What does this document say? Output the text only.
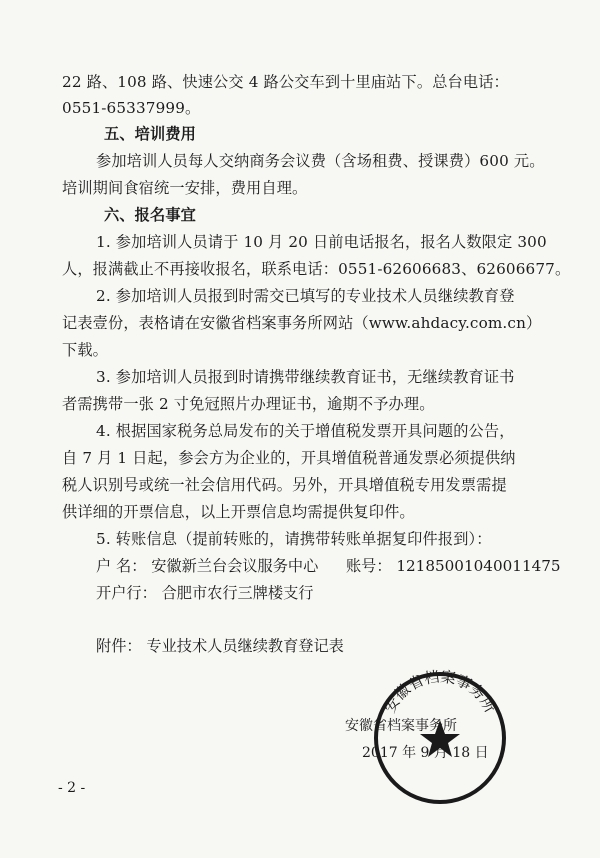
22 路、108 路、快速公交 4 路公交车到十里庙站下。总台电话：
0551-65337999。
五、培训费用
参加培训人员每人交纳商务会议费（含场租费、授课费）600 元。
培训期间食宿统一安排，费用自理。
六、报名事宜
1. 参加培训人员请于 10 月 20 日前电话报名，报名人数限定 300
人，报满截止不再接收报名，联系电话：0551-62606683、62606677。
2. 参加培训人员报到时需交已填写的专业技术人员继续教育登
记表壹份，表格请在安徽省档案事务所网站（www.ahdacy.com.cn）
下载。
3. 参加培训人员报到时请携带继续教育证书，无继续教育证书
者需携带一张 2 寸免冠照片办理证书，逾期不予办理。
4. 根据国家税务总局发布的关于增值税发票开具问题的公告，
自 7 月 1 日起，参会方为企业的，开具增值税普通发票必须提供纳
税人识别号或统一社会信用代码。另外，开具增值税专用发票需提
供详细的开票信息，以上开票信息均需提供复印件。
5. 转账信息（提前转账的，请携带转账单据复印件报到）：
户 名： 安徽新兰台会议服务中心 账号： 12185001040011475
开户行： 合肥市农行三牌楼支行
附件： 专业技术人员继续教育登记表
安徽省档案事务所
安徽省档案事务所
2017 年 9 月 18 日
- 2 -
